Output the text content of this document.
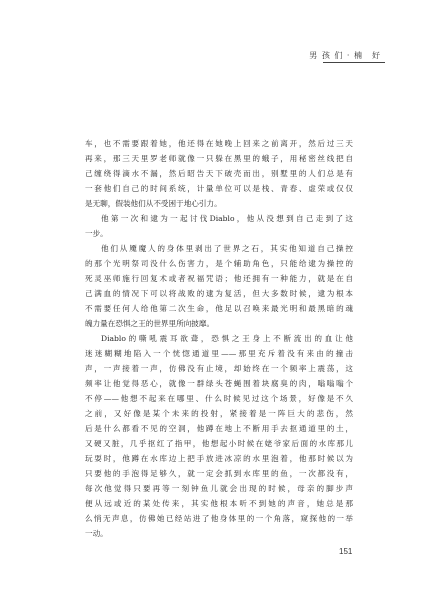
男 孩 们 · 楠　好
车，也不需要跟着她，他还得在她晚上回来之前离开，然后过三天
再来，那三天里罗老师就像一只躲在黑里的蛾子，用秘密丝线把自
己缠绕得滴水不漏，然后昭告天下破壳而出，别墅里的人们总是有
一套他们自己的时间系统，计量单位可以是栈、青春、虚荣或仅仅
是无聊，假装他们从不受困于地心引力。
他第一次和逮为一起讨伐Diablo，他从没想到自己走到了这
一步。
他们从魇魔人的身体里剥出了世界之石，其实他知道自己操控
的那个光明祭司没什么伤害力，是个辅助角色，只能给逮为操控的
死灵巫师施行回复术或者祝福咒语；他还拥有一种能力，就是在自
己满血的情况下可以将战败的逮为复活，但大多数时候，逮为根本
不需要任何人给他第二次生命，他足以召唤来最光明和最黑暗的魂
魄力量在恐惧之王的世界里所向披靡。
Diablo的嘶吼震耳欲聋，恐惧之王身上不断流出的血让他
迷迷糊糊地陷入一个恍惚通道里——那里充斥着没有来由的撞击
声，一声接着一声，仿佛没有止境，却始终在一个频率上震荡，这
频率让他觉得恶心，就像一群绿头苍蝇围着块腐臭的肉，嗡嗡嗡个
不停——他想不起来在哪里、什么时候见过这个场景，好像是不久
之前，又好像是某个未来的投射，紧接着是一阵巨大的悲伤，然
后是什么都看不见的空洞，他蹲在地上不断用手去抠通道里的土，
又硬又脏，几乎抠红了指甲，他想起小时候在姥爷家后面的水库那儿
玩耍时，他蹲在水库边上把手放进冰凉的水里泡着，他那时候以为
只要他的手泡得足够久，就一定会抓到水库里的鱼，一次都没有，
每次他觉得只要再等一刻钟鱼儿就会出现的时候，母亲的脚步声
便从远或近的某处传来，其实他根本听不到她的声音，她总是那
么悄无声息，仿佛她已经站进了他身体里的一个角落，窥探他的一举
一动。
151
